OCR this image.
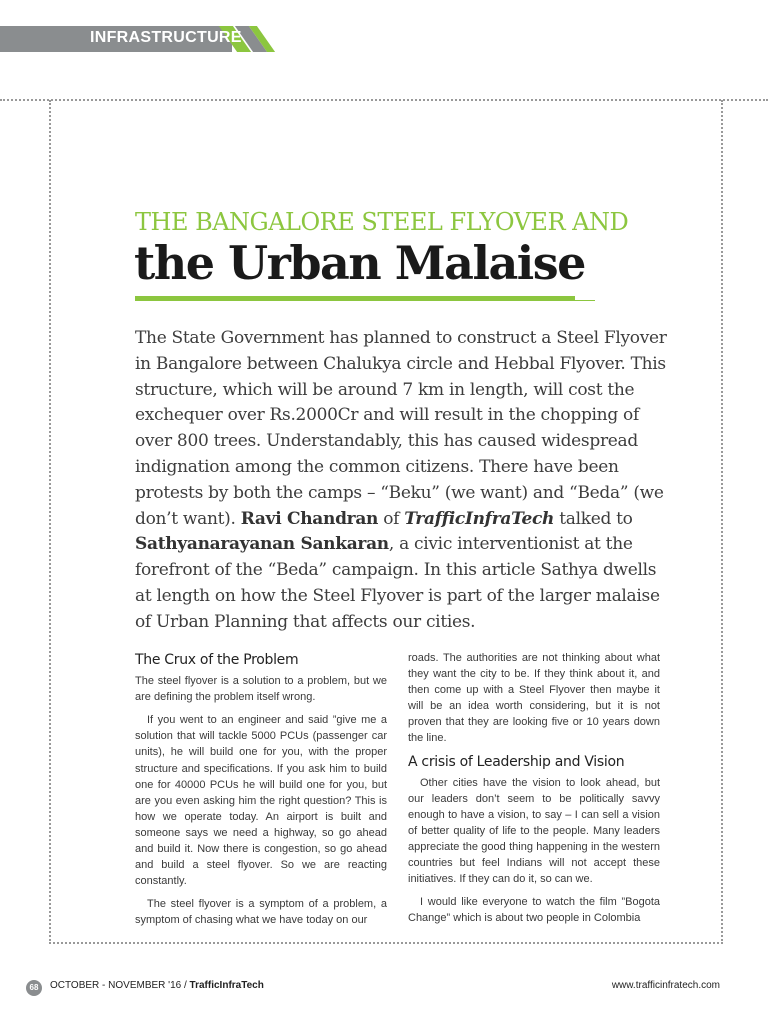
INFRASTRUCTURE
THE BANGALORE STEEL FLYOVER AND
the Urban Malaise
The State Government has planned to construct a Steel Flyover in Bangalore between Chalukya circle and Hebbal Flyover. This structure, which will be around 7 km in length, will cost the exchequer over Rs.2000Cr and will result in the chopping of over 800 trees. Understandably, this has caused widespread indignation among the common citizens. There have been protests by both the camps – “Beku” (we want) and “Beda” (we don’t want). Ravi Chandran of TrafficInfraTech talked to Sathyanarayanan Sankaran, a civic interventionist at the forefront of the “Beda” campaign. In this article Sathya dwells at length on how the Steel Flyover is part of the larger malaise of Urban Planning that affects our cities.
The Crux of the Problem

The steel flyover is a solution to a problem, but we are defining the problem itself wrong.

If you went to an engineer and said ”give me a solution that will tackle 5000 PCUs (passenger car units), he will build one for you, with the proper structure and specifications. If you ask him to build one for 40000 PCUs he will build one for you, but are you even asking him the right question? This is how we operate today. An airport is built and someone says we need a highway, so go ahead and build it. Now there is congestion, so go ahead and build a steel flyover. So we are reacting constantly.

The steel flyover is a symptom of a problem, a symptom of chasing what we have today on our

roads. The authorities are not thinking about what they want the city to be. If they think about it, and then come up with a Steel Flyover then maybe it will be an idea worth considering, but it is not proven that they are looking five or 10 years down the line.

A crisis of Leadership and Vision

Other cities have the vision to look ahead, but our leaders don’t seem to be politically savvy enough to have a vision, to say – I can sell a vision of better quality of life to the people. Many leaders appreciate the good thing happening in the western countries but feel Indians will not accept these initiatives. If they can do it, so can we.

I would like everyone to watch the film ”Bogota Change” which is about two people in Colombia

68	OCTOBER - NOVEMBER '16 / TrafficInfraTech	www.trafficinfratech.com
